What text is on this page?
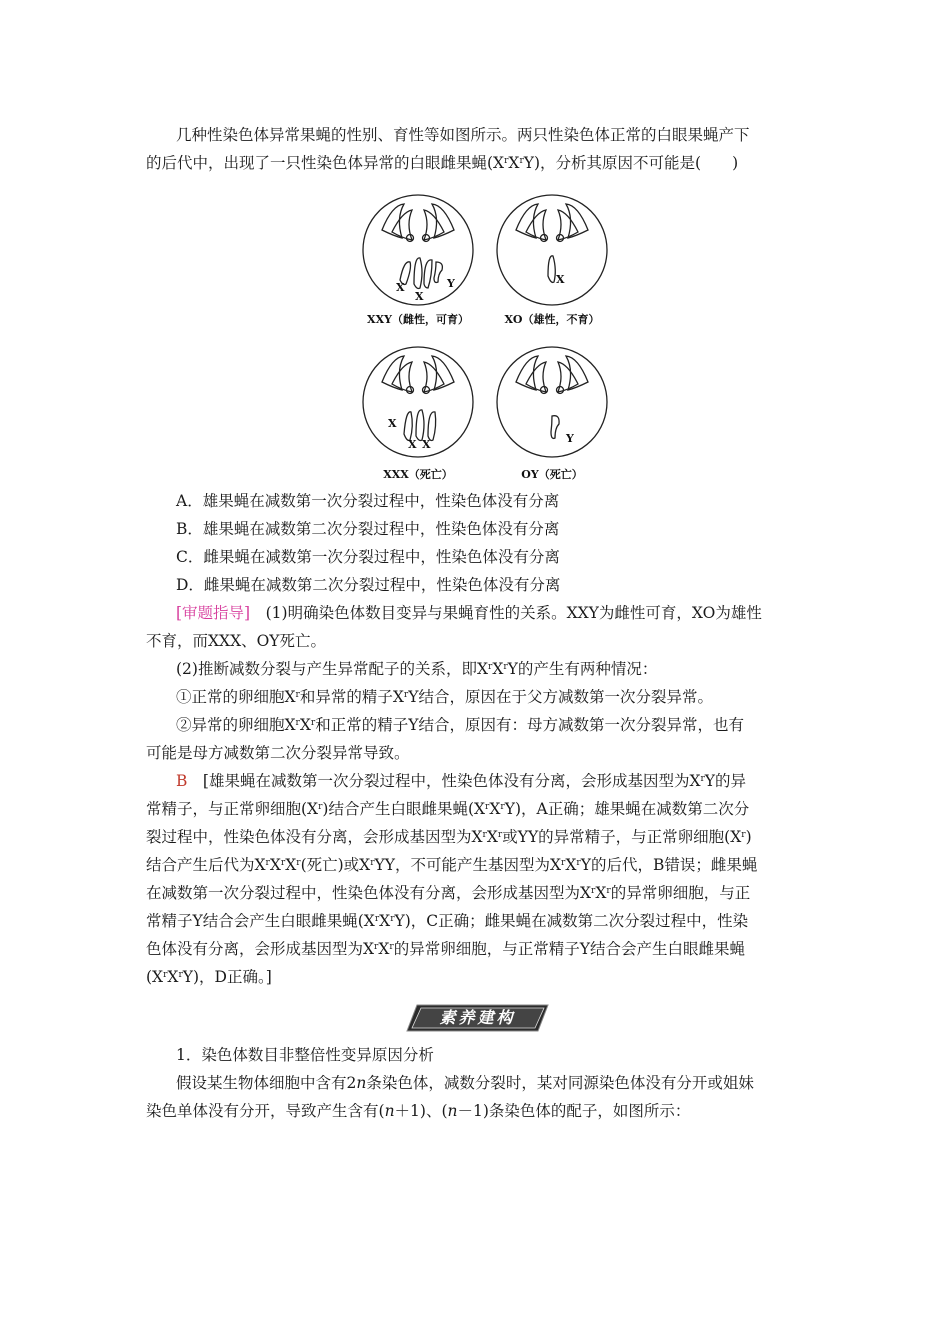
几种性染色体异常果蝇的性别、育性等如图所示。两只性染色体正常的白眼果蝇产下
的后代中，出现了一只性染色体异常的白眼雌果蝇$(X^rX^rY)$，分析其原因不可能是(　　)
X
X
Y	X
X
X X	Y
XXY（雌性，可育）	XO（雄性，不育）
XXX（死亡）	OY（死亡）
A．雄果蝇在减数第一次分裂过程中，性染色体没有分离
B．雄果蝇在减数第二次分裂过程中，性染色体没有分离
C．雌果蝇在减数第一次分裂过程中，性染色体没有分离
D．雌果蝇在减数第二次分裂过程中，性染色体没有分离
[审题指导]　(1)明确染色体数目变异与果蝇育性的关系。XXY为雌性可育，XO为雄性
不育，而XXX、OY死亡。
(2)推断减数分裂与产生异常配子的关系，即$X^rX^rY$的产生有两种情况：
①正常的卵细胞$X^r$和异常的精子$X^rY$结合，原因在于父方减数第一次分裂异常。
②异常的卵细胞$X^rX^r$和正常的精子Y结合，原因有：母方减数第一次分裂异常，也有
可能是母方减数第二次分裂异常导致。
B　[雄果蝇在减数第一次分裂过程中，性染色体没有分离，会形成基因型为$X^rY$的异
常精子，与正常卵细胞$(X^r)$结合产生白眼雌果蝇$(X^rX^rY)$，A正确；雄果蝇在减数第二次分
裂过程中，性染色体没有分离，会形成基因型为$X^rX^r$或YY的异常精子，与正常卵细胞$(X^r)$
结合产生后代为$X^rX^rX^r$(死亡)或$X^rYY$，不可能产生基因型为$X^rX^rY$的后代，B错误；雌果蝇
在减数第一次分裂过程中，性染色体没有分离，会形成基因型为$X^rX^r$的异常卵细胞，与正
常精子Y结合会产生白眼雌果蝇$(X^rX^rY)$，C正确；雌果蝇在减数第二次分裂过程中，性染
色体没有分离，会形成基因型为$X^rX^r$的异常卵细胞，与正常精子Y结合会产生白眼雌果蝇
$(X^rX^rY)$，D正确。]
素养建构
1．染色体数目非整倍性变异原因分析
假设某生物体细胞中含有2n条染色体，减数分裂时，某对同源染色体没有分开或姐妹
染色单体没有分开，导致产生含有(n＋1)、(n－1)条染色体的配子，如图所示：
